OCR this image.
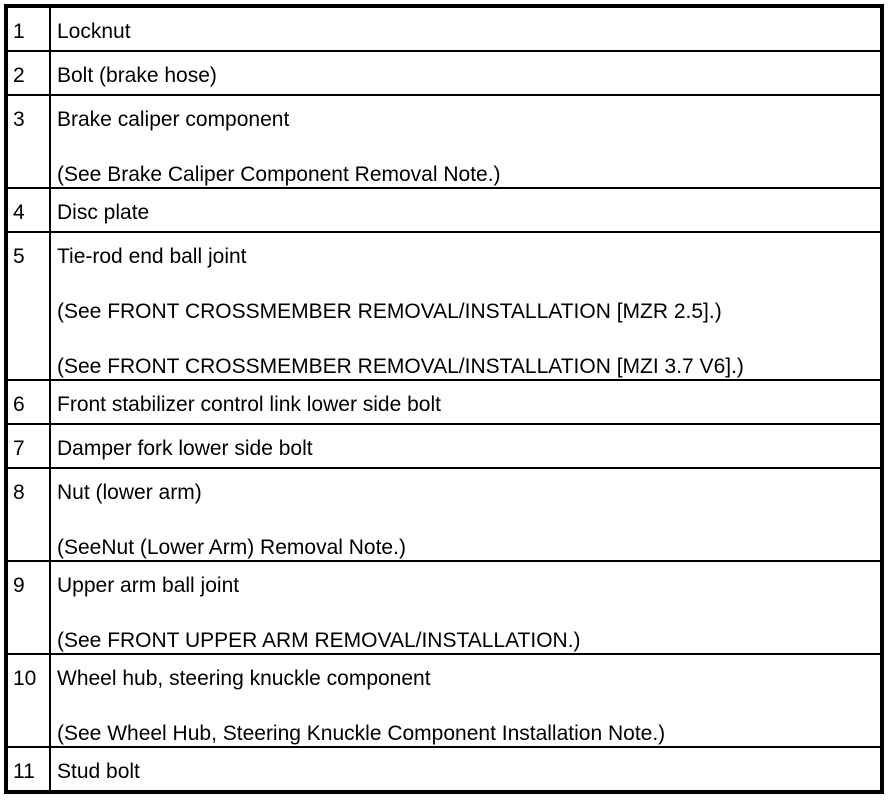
1	Locknut

2	Bolt (brake hose)

3	Brake caliper component
(See Brake Caliper Component Removal Note.)

4	Disc plate

5	Tie-rod end ball joint
(See FRONT CROSSMEMBER REMOVAL/INSTALLATION [MZR 2.5].)
(See FRONT CROSSMEMBER REMOVAL/INSTALLATION [MZI 3.7 V6].)

6	Front stabilizer control link lower side bolt

7	Damper fork lower side bolt

8	Nut (lower arm)
(SeeNut (Lower Arm) Removal Note.)

9	Upper arm ball joint
(See FRONT UPPER ARM REMOVAL/INSTALLATION.)

10	Wheel hub, steering knuckle component
(See Wheel Hub, Steering Knuckle Component Installation Note.)

11	Stud bolt
